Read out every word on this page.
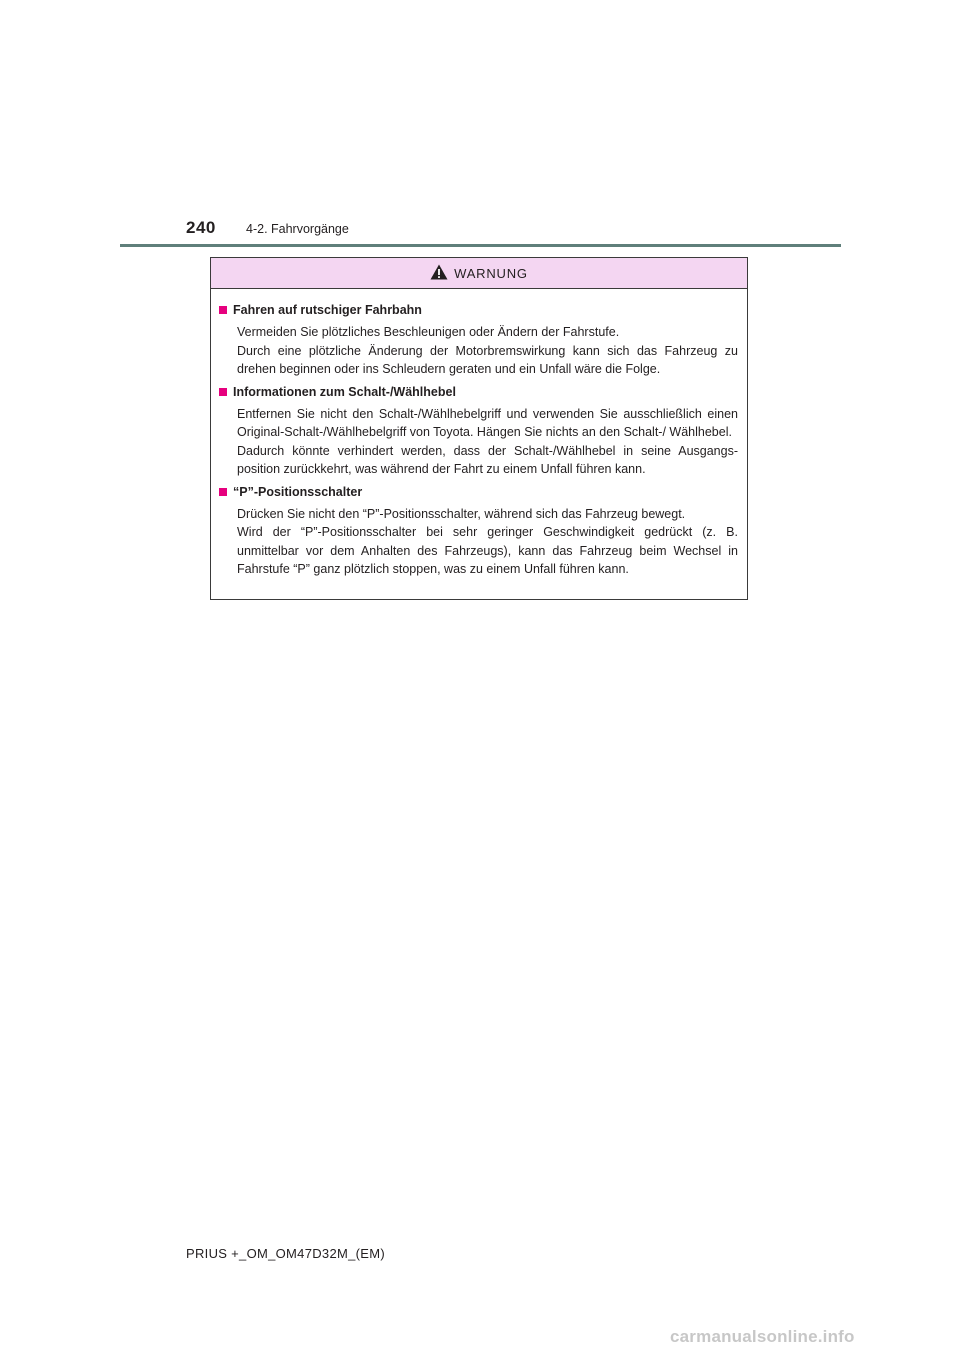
240 4-2. Fahrvorgänge
WARNUNG
Fahren auf rutschiger Fahrbahn
Vermeiden Sie plötzliches Beschleunigen oder Ändern der Fahrstufe.
Durch eine plötzliche Änderung der Motorbremswirkung kann sich das Fahrzeug zu drehen beginnen oder ins Schleudern geraten und ein Unfall wäre die Folge.
Informationen zum Schalt-/Wählhebel
Entfernen Sie nicht den Schalt-/Wählhebelgriff und verwenden Sie ausschließlich einen Original-Schalt-/Wählhebelgriff von Toyota. Hängen Sie nichts an den Schalt-/ Wählhebel.
Dadurch könnte verhindert werden, dass der Schalt-/Wählhebel in seine Ausgangs-position zurückkehrt, was während der Fahrt zu einem Unfall führen kann.
“P”-Positionsschalter
Drücken Sie nicht den “P”-Positionsschalter, während sich das Fahrzeug bewegt.
Wird der “P”-Positionsschalter bei sehr geringer Geschwindigkeit gedrückt (z. B. unmittelbar vor dem Anhalten des Fahrzeugs), kann das Fahrzeug beim Wechsel in Fahrstufe “P” ganz plötzlich stoppen, was zu einem Unfall führen kann.
PRIUS +_OM_OM47D32M_(EM)
carmanualsonline.info
